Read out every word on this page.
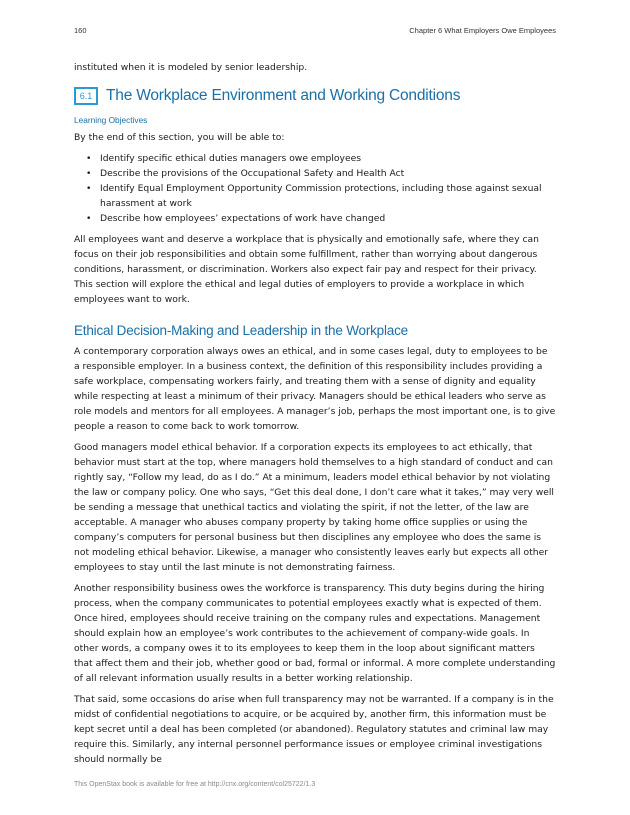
160	Chapter 6 What Employers Owe Employees

instituted when it is modeled by senior leadership.

6.1 The Workplace Environment and Working Conditions
Learning Objectives

By the end of this section, you will be able to:

• Identify specific ethical duties managers owe employees
• Describe the provisions of the Occupational Safety and Health Act
• Identify Equal Employment Opportunity Commission protections, including those against sexual harassment at work
• Describe how employees’ expectations of work have changed

All employees want and deserve a workplace that is physically and emotionally safe, where they can focus on their job responsibilities and obtain some fulfillment, rather than worrying about dangerous conditions, harassment, or discrimination. Workers also expect fair pay and respect for their privacy. This section will explore the ethical and legal duties of employers to provide a workplace in which employees want to work.

Ethical Decision-Making and Leadership in the Workplace

A contemporary corporation always owes an ethical, and in some cases legal, duty to employees to be a responsible employer. In a business context, the definition of this responsibility includes providing a safe workplace, compensating workers fairly, and treating them with a sense of dignity and equality while respecting at least a minimum of their privacy. Managers should be ethical leaders who serve as role models and mentors for all employees. A manager’s job, perhaps the most important one, is to give people a reason to come back to work tomorrow.

Good managers model ethical behavior. If a corporation expects its employees to act ethically, that behavior must start at the top, where managers hold themselves to a high standard of conduct and can rightly say, “Follow my lead, do as I do.” At a minimum, leaders model ethical behavior by not violating the law or company policy. One who says, “Get this deal done, I don’t care what it takes,” may very well be sending a message that unethical tactics and violating the spirit, if not the letter, of the law are acceptable. A manager who abuses company property by taking home office supplies or using the company’s computers for personal business but then disciplines any employee who does the same is not modeling ethical behavior. Likewise, a manager who consistently leaves early but expects all other employees to stay until the last minute is not demonstrating fairness.

Another responsibility business owes the workforce is transparency. This duty begins during the hiring process, when the company communicates to potential employees exactly what is expected of them. Once hired, employees should receive training on the company rules and expectations. Management should explain how an employee’s work contributes to the achievement of company-wide goals. In other words, a company owes it to its employees to keep them in the loop about significant matters that affect them and their job, whether good or bad, formal or informal. A more complete understanding of all relevant information usually results in a better working relationship.

That said, some occasions do arise when full transparency may not be warranted. If a company is in the midst of confidential negotiations to acquire, or be acquired by, another firm, this information must be kept secret until a deal has been completed (or abandoned). Regulatory statutes and criminal law may require this. Similarly, any internal personnel performance issues or employee criminal investigations should normally be

This OpenStax book is available for free at http://cnx.org/content/col25722/1.3
